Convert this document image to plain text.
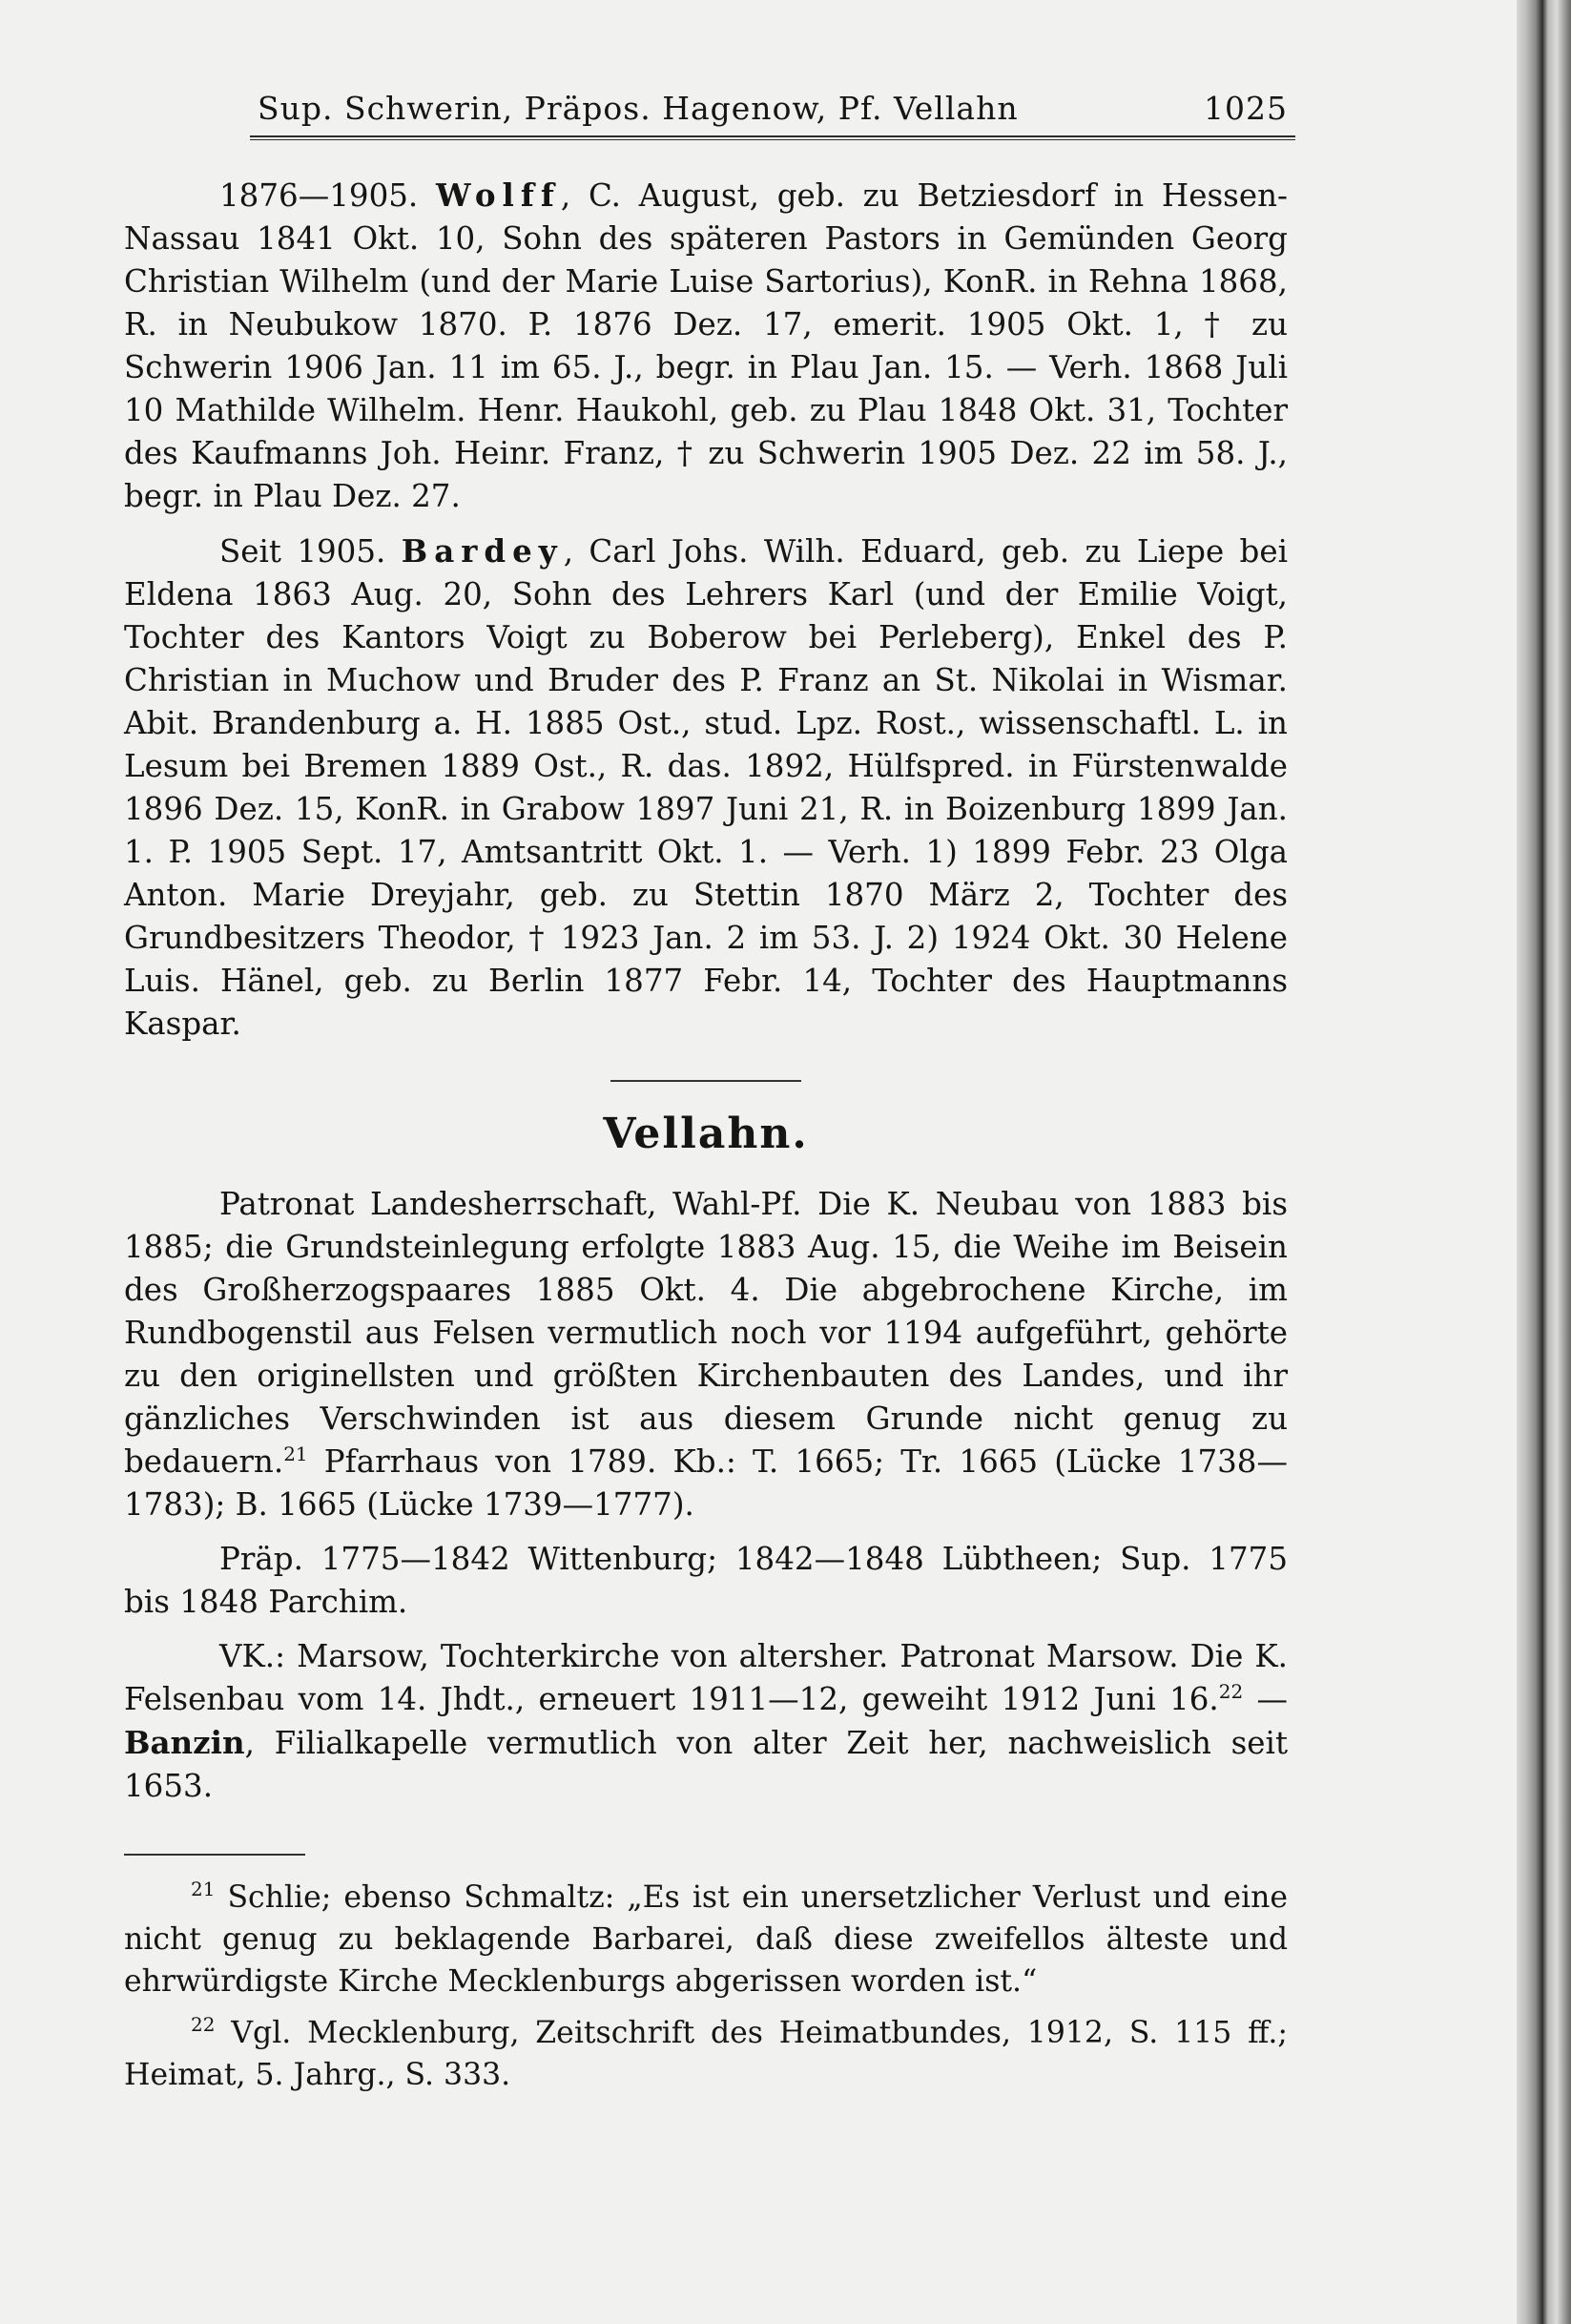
Sup. Schwerin, Präpos. Hagenow, Pf. Vellahn	1025

1876—1905. Wolff, C. August, geb. zu Betziesdorf in Hessen-Nassau 1841 Okt. 10, Sohn des späteren Pastors in Gemünden Georg Christian Wilhelm (und der Marie Luise Sartorius), KonR. in Rehna 1868, R. in Neubukow 1870. P. 1876 Dez. 17, emerit. 1905 Okt. 1, † zu Schwerin 1906 Jan. 11 im 65. J., begr. in Plau Jan. 15. — Verh. 1868 Juli 10 Mathilde Wilhelm. Henr. Haukohl, geb. zu Plau 1848 Okt. 31, Tochter des Kaufmanns Joh. Heinr. Franz, † zu Schwerin 1905 Dez. 22 im 58. J., begr. in Plau Dez. 27.

Seit 1905. Bardey, Carl Johs. Wilh. Eduard, geb. zu Liepe bei Eldena 1863 Aug. 20, Sohn des Lehrers Karl (und der Emilie Voigt, Tochter des Kantors Voigt zu Boberow bei Perleberg), Enkel des P. Christian in Muchow und Bruder des P. Franz an St. Nikolai in Wismar. Abit. Brandenburg a. H. 1885 Ost., stud. Lpz. Rost., wissenschaftl. L. in Lesum bei Bremen 1889 Ost., R. das. 1892, Hülfspred. in Fürstenwalde 1896 Dez. 15, KonR. in Grabow 1897 Juni 21, R. in Boizenburg 1899 Jan. 1. P. 1905 Sept. 17, Amtsantritt Okt. 1. — Verh. 1) 1899 Febr. 23 Olga Anton. Marie Dreyjahr, geb. zu Stettin 1870 März 2, Tochter des Grundbesitzers Theodor, † 1923 Jan. 2 im 53. J. 2) 1924 Okt. 30 Helene Luis. Hänel, geb. zu Berlin 1877 Febr. 14, Tochter des Hauptmanns Kaspar.

Vellahn.

Patronat Landesherrschaft, Wahl-Pf. Die K. Neubau von 1883 bis 1885; die Grundsteinlegung erfolgte 1883 Aug. 15, die Weihe im Beisein des Großherzogspaares 1885 Okt. 4. Die abgebrochene Kirche, im Rundbogenstil aus Felsen vermutlich noch vor 1194 aufgeführt, gehörte zu den originellsten und größten Kirchenbauten des Landes, und ihr gänzliches Verschwinden ist aus diesem Grunde nicht genug zu bedauern.$^{21}$ Pfarrhaus von 1789. Kb.: T. 1665; Tr. 1665 (Lücke 1738—1783); B. 1665 (Lücke 1739—1777).

Präp. 1775—1842 Wittenburg; 1842—1848 Lübtheen; Sup. 1775 bis 1848 Parchim.

VK.: Marsow, Tochterkirche von altersher. Patronat Marsow. Die K. Felsenbau vom 14. Jhdt., erneuert 1911—12, geweiht 1912 Juni 16.22 — Banzin, Filialkapelle vermutlich von alter Zeit her, nachweislich seit 1653.

$^{21}$ Schlie; ebenso Schmaltz: „Es ist ein unersetzlicher Verlust und eine nicht genug zu beklagende Barbarei, daß diese zweifellos älteste und ehrwürdigste Kirche Mecklenburgs abgerissen worden ist.“

$^{22}$ Vgl. Mecklenburg, Zeitschrift des Heimatbundes, 1912, S. 115 ff.; Heimat, 5. Jahrg., S. 333.
